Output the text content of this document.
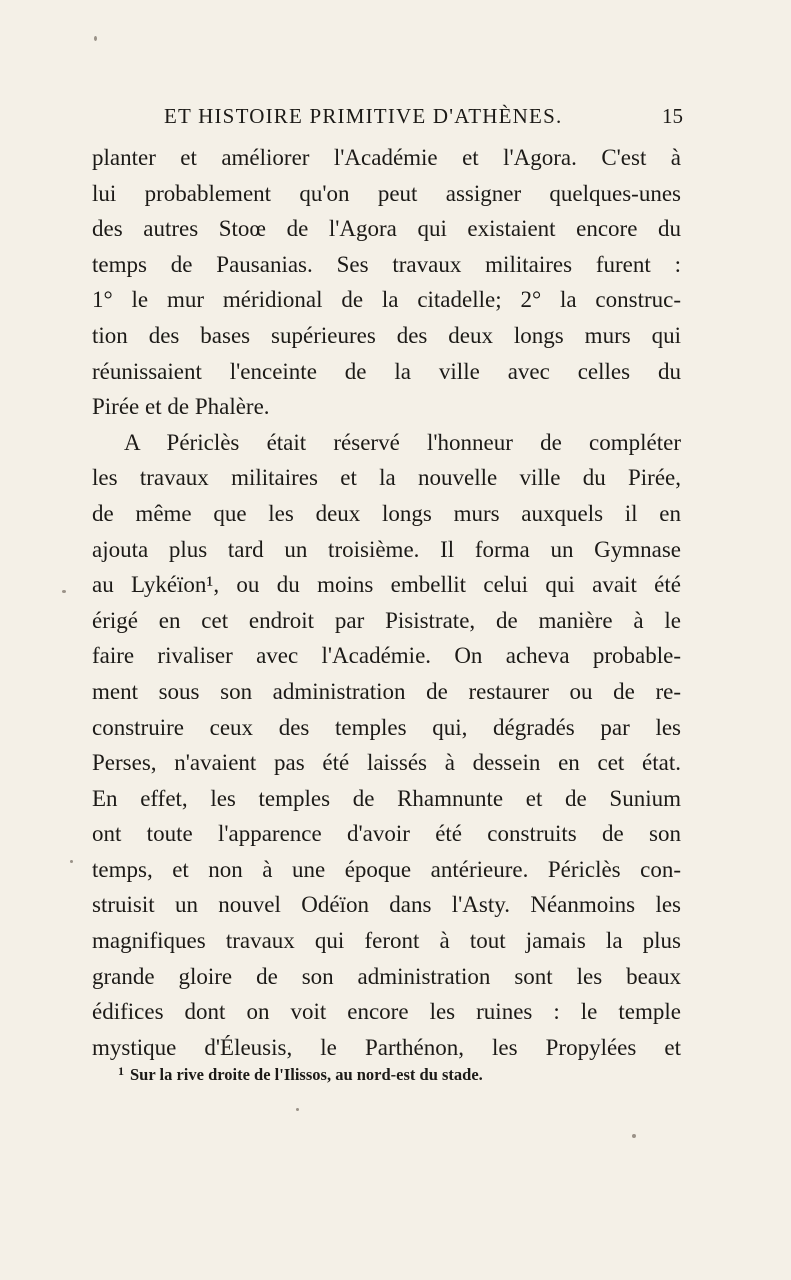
ET HISTOIRE PRIMITIVE D'ATHÈNES.	15
planter et améliorer l'Académie et l'Agora. C'est à
lui probablement qu'on peut assigner quelques-unes
des autres Stoœ de l'Agora qui existaient encore du
temps de Pausanias. Ses travaux militaires furent :
1° le mur méridional de la citadelle; 2° la construc-
tion des bases supérieures des deux longs murs qui
réunissaient l'enceinte de la ville avec celles du
Pirée et de Phalère.
A Périclès était réservé l'honneur de compléter
les travaux militaires et la nouvelle ville du Pirée,
de même que les deux longs murs auxquels il en
ajouta plus tard un troisième. Il forma un Gymnase
au Lykéïon¹, ou du moins embellit celui qui avait été
érigé en cet endroit par Pisistrate, de manière à le
faire rivaliser avec l'Académie. On acheva probable-
ment sous son administration de restaurer ou de re-
construire ceux des temples qui, dégradés par les
Perses, n'avaient pas été laissés à dessein en cet état.
En effet, les temples de Rhamnunte et de Sunium
ont toute l'apparence d'avoir été construits de son
temps, et non à une époque antérieure. Périclès con-
struisit un nouvel Odéïon dans l'Asty. Néanmoins les
magnifiques travaux qui feront à tout jamais la plus
grande gloire de son administration sont les beaux
édifices dont on voit encore les ruines : le temple
mystique d'Éleusis, le Parthénon, les Propylées et
$^1$ Sur la rive droite de l'Ilissos, au nord-est du stade.
